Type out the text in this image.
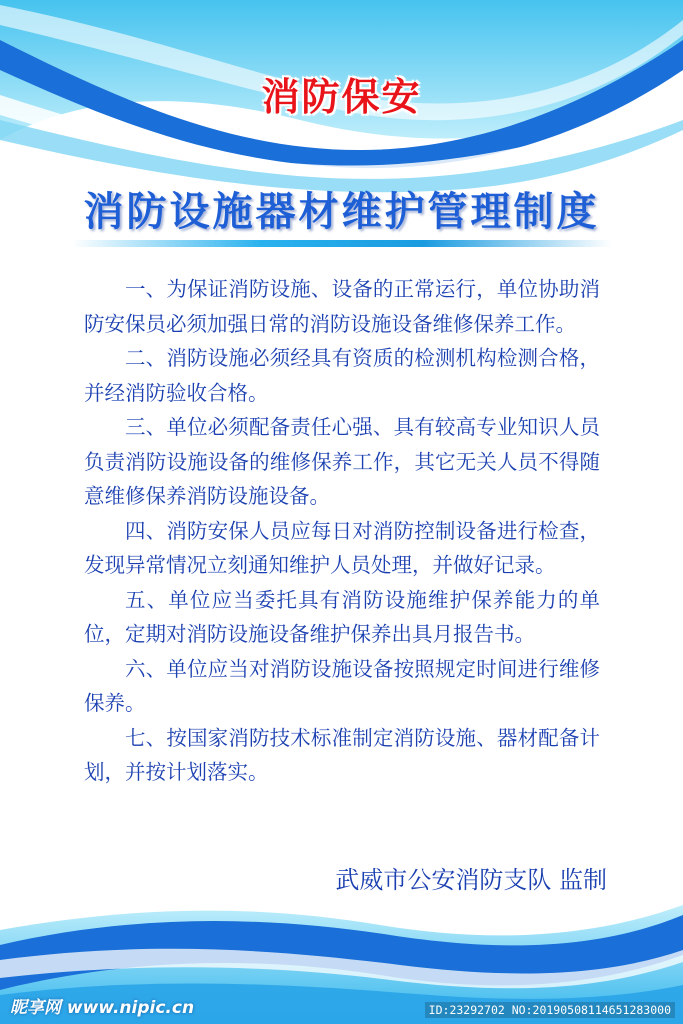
消防保安
消防设施器材维护管理制度

一、为保证消防设施、设备的正常运行，单位协助消防安保员必须加强日常的消防设施设备维修保养工作。

二、消防设施必须经具有资质的检测机构检测合格，并经消防验收合格。

三、单位必须配备责任心强、具有较高专业知识人员负责消防设施设备的维修保养工作，其它无关人员不得随意维修保养消防设施设备。

四、消防安保人员应每日对消防控制设备进行检查，发现异常情况立刻通知维护人员处理，并做好记录。

五、单位应当委托具有消防设施维护保养能力的单位，定期对消防设施设备维护保养出具月报告书。

六、单位应当对消防设施设备按照规定时间进行维修保养。

七、按国家消防技术标准制定消防设施、器材配备计划，并按计划落实。

武威市公安消防支队 监制
昵享网 www.nipic.cn	ID:23292702 NO:20190508114651283000
